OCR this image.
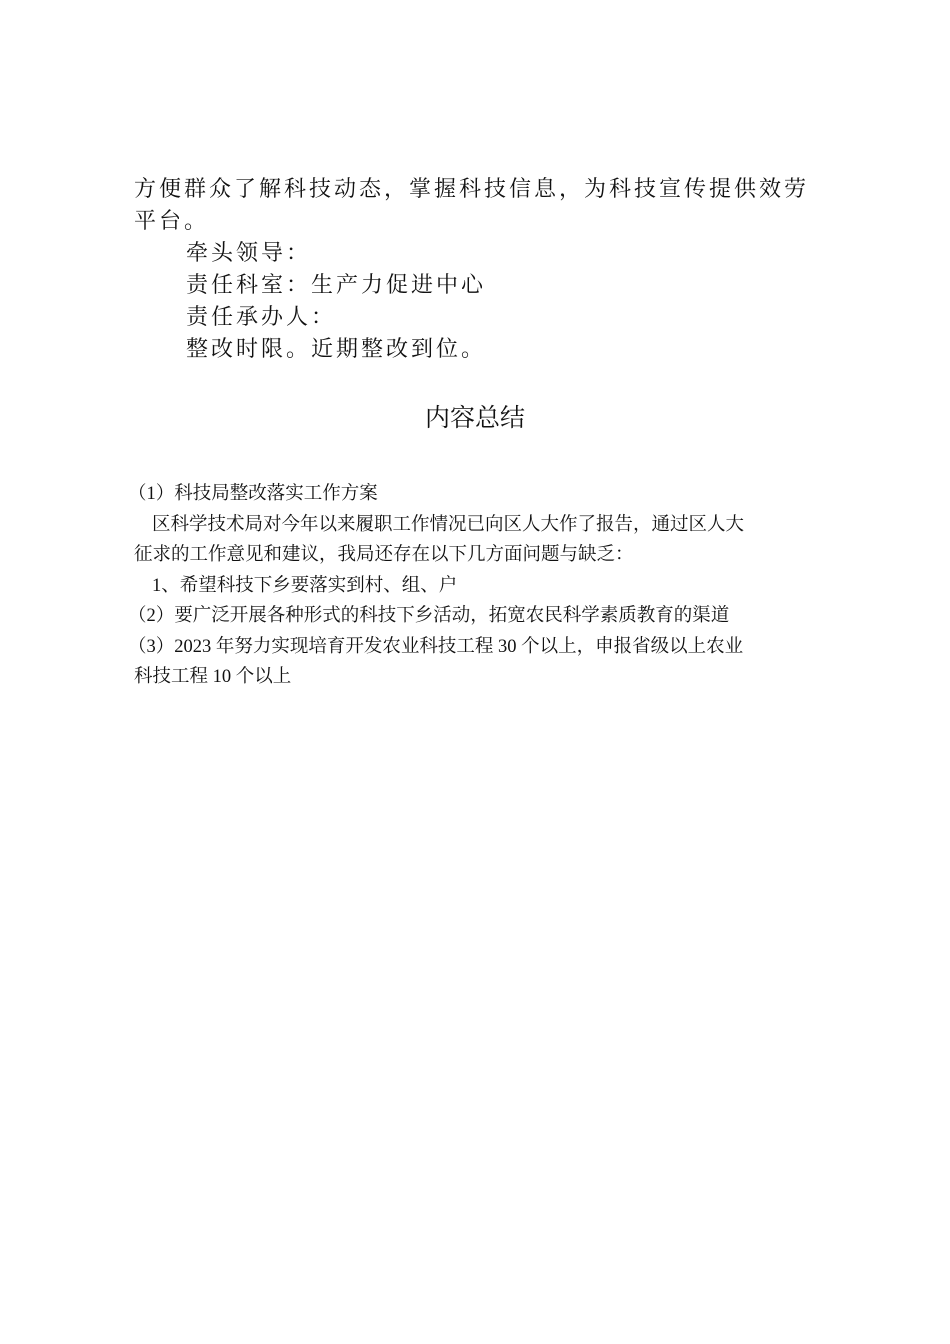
方便群众了解科技动态，掌握科技信息，为科技宣传提供效劳

平台。

牵头领导：

责任科室：生产力促进中心

责任承办人：

整改时限。近期整改到位。

内容总结

（1）科技局整改落实工作方案

区科学技术局对今年以来履职工作情况已向区人大作了报告，通过区人大

征求的工作意见和建议，我局还存在以下几方面问题与缺乏：

1、希望科技下乡要落实到村、组、户

（2）要广泛开展各种形式的科技下乡活动，拓宽农民科学素质教育的渠道

（3）2023 年努力实现培育开发农业科技工程 30 个以上，申报省级以上农业

科技工程 10 个以上
